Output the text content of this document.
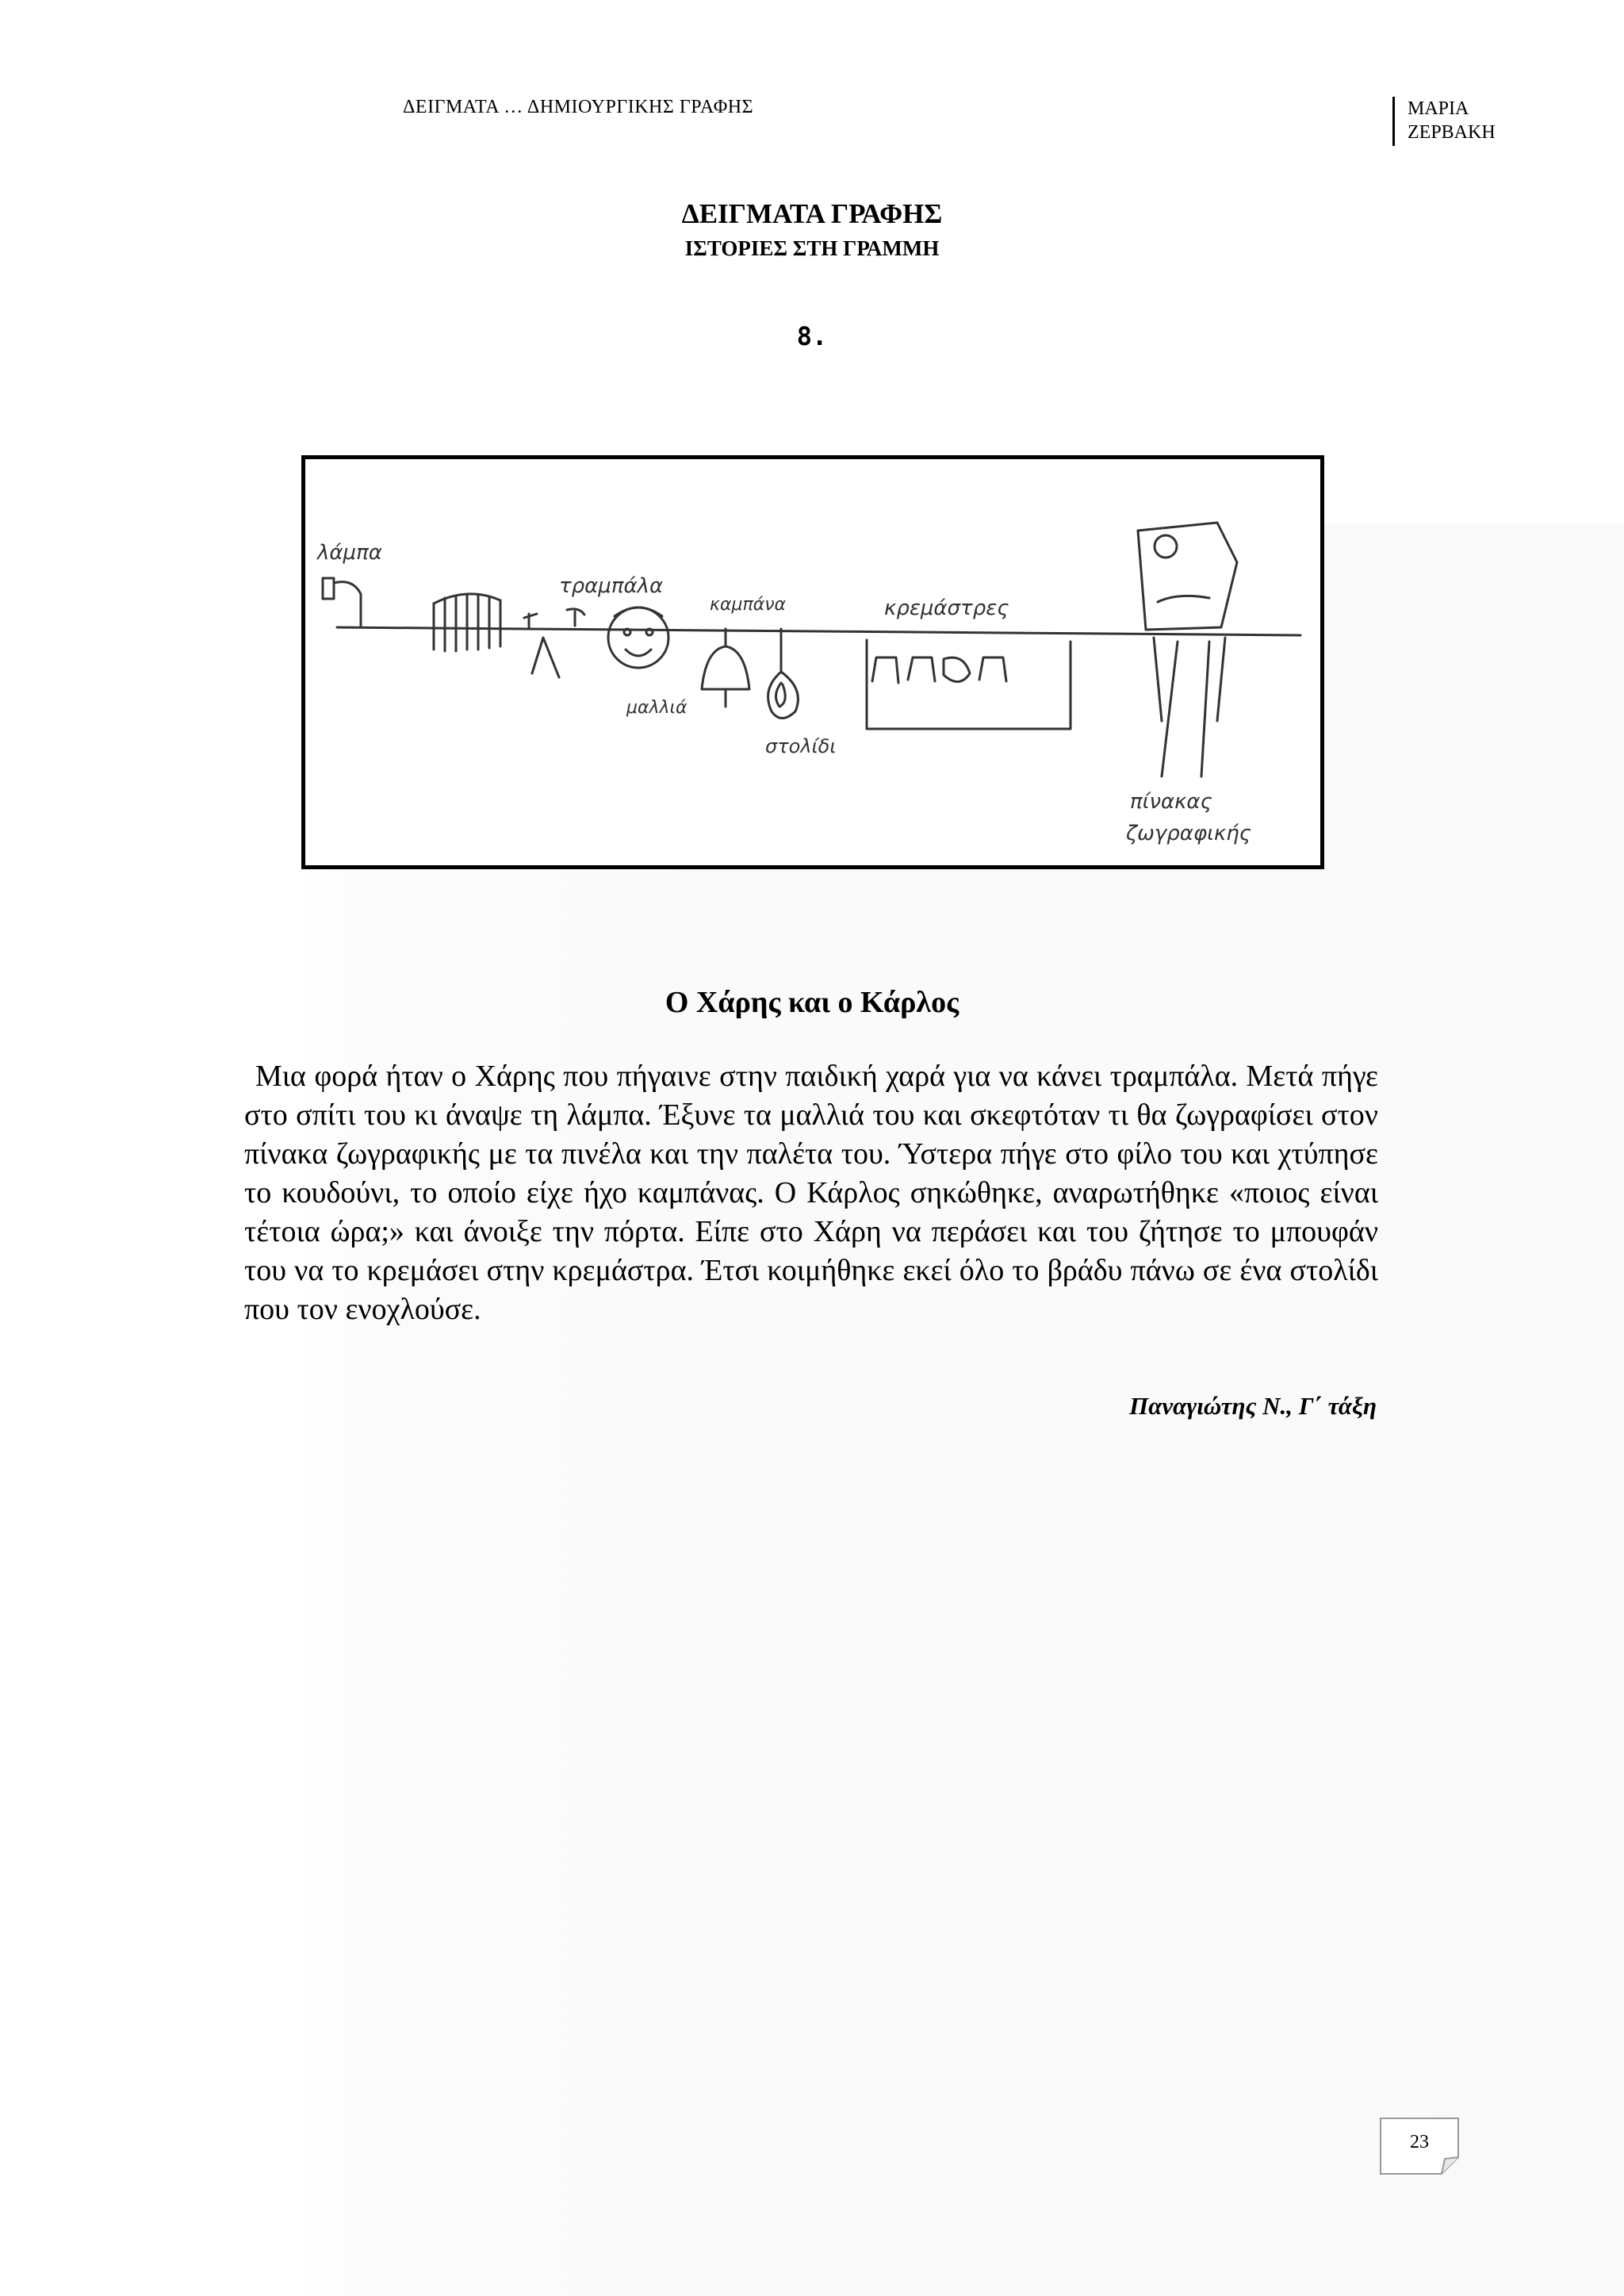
ΔΕΙΓΜΑΤΑ … ΔΗΜΙΟΥΡΓΙΚΗΣ ΓΡΑΦΗΣ	ΜΑΡΙΑ
ΖΕΡΒΑΚΗ
ΔΕΙΓΜΑΤΑ ΓΡΑΦΗΣ
ΙΣΤΟΡΙΕΣ ΣΤΗ ΓΡΑΜΜΗ
8.
λάμπα
τραμπάλα
καμπάνα	κρεμάστρες
μαλλιά
στολίδι
πίνακας
ζωγραφικής
Ο Χάρης και ο Κάρλος

Μια φορά ήταν ο Χάρης που πήγαινε στην παιδική χαρά για να κάνει τραμπάλα. Μετά πήγε στο σπίτι του κι άναψε τη λάμπα. Έξυνε τα μαλλιά του και σκεφτόταν τι θα ζωγραφίσει στον πίνακα ζωγραφικής με τα πινέλα και την παλέτα του. Ύστερα πήγε στο φίλο του και χτύπησε το κουδούνι, το οποίο είχε ήχο καμπάνας. Ο Κάρλος σηκώθηκε, αναρωτήθηκε «ποιος είναι τέτοια ώρα;» και άνοιξε την πόρτα. Είπε στο Χάρη να περάσει και του ζήτησε το μπουφάν του να το κρεμάσει στην κρεμάστρα. Έτσι κοιμήθηκε εκεί όλο το βράδυ πάνω σε ένα στολίδι που τον ενοχλούσε.

Παναγιώτης Ν., Γ΄ τάξη
23
